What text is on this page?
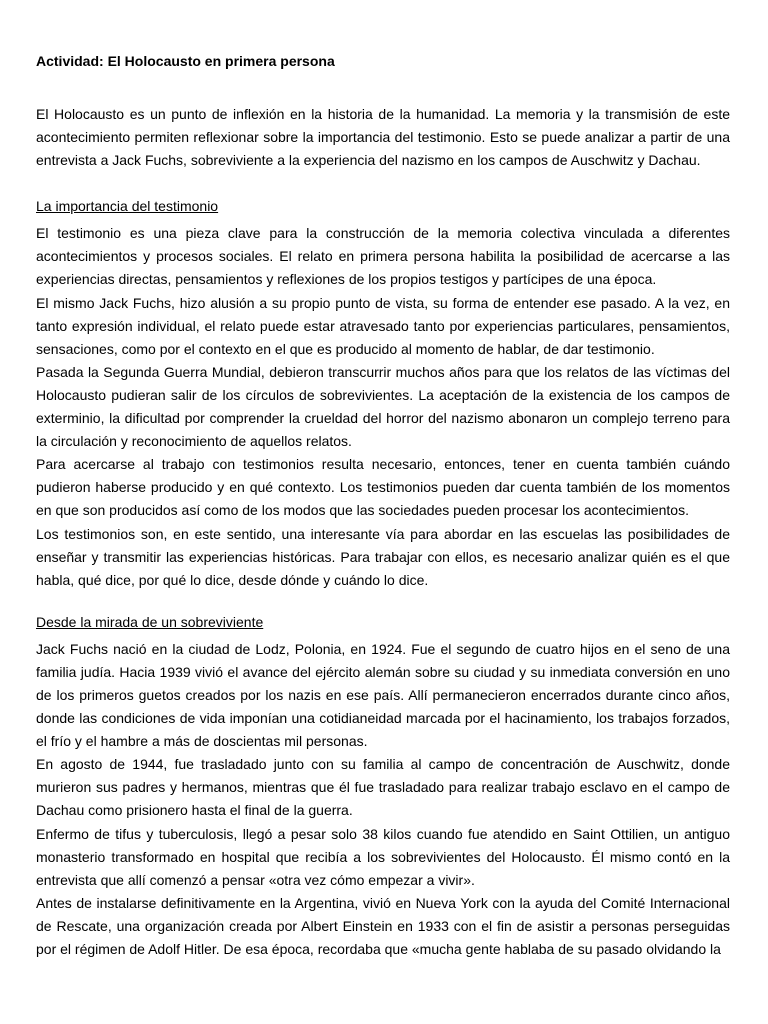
Actividad: El Holocausto en primera persona

El Holocausto es un punto de inflexión en la historia de la humanidad. La memoria y la transmisión de este acontecimiento permiten reflexionar sobre la importancia del testimonio. Esto se puede analizar a partir de una entrevista a Jack Fuchs, sobreviviente a la experiencia del nazismo en los campos de Auschwitz y Dachau.

La importancia del testimonio

El testimonio es una pieza clave para la construcción de la memoria colectiva vinculada a diferentes acontecimientos y procesos sociales. El relato en primera persona habilita la posibilidad de acercarse a las experiencias directas, pensamientos y reflexiones de los propios testigos y partícipes de una época.

El mismo Jack Fuchs, hizo alusión a su propio punto de vista, su forma de entender ese pasado. A la vez, en tanto expresión individual, el relato puede estar atravesado tanto por experiencias particulares, pensamientos, sensaciones, como por el contexto en el que es producido al momento de hablar, de dar testimonio.

Pasada la Segunda Guerra Mundial, debieron transcurrir muchos años para que los relatos de las víctimas del Holocausto pudieran salir de los círculos de sobrevivientes. La aceptación de la existencia de los campos de exterminio, la dificultad por comprender la crueldad del horror del nazismo abonaron un complejo terreno para la circulación y reconocimiento de aquellos relatos.

Para acercarse al trabajo con testimonios resulta necesario, entonces, tener en cuenta también cuándo pudieron haberse producido y en qué contexto. Los testimonios pueden dar cuenta también de los momentos en que son producidos así como de los modos que las sociedades pueden procesar los acontecimientos.

Los testimonios son, en este sentido, una interesante vía para abordar en las escuelas las posibilidades de enseñar y transmitir las experiencias históricas. Para trabajar con ellos, es necesario analizar quién es el que habla, qué dice, por qué lo dice, desde dónde y cuándo lo dice.

Desde la mirada de un sobreviviente

Jack Fuchs nació en la ciudad de Lodz, Polonia, en 1924. Fue el segundo de cuatro hijos en el seno de una familia judía. Hacia 1939 vivió el avance del ejército alemán sobre su ciudad y su inmediata conversión en uno de los primeros guetos creados por los nazis en ese país. Allí permanecieron encerrados durante cinco años, donde las condiciones de vida imponían una cotidianeidad marcada por el hacinamiento, los trabajos forzados, el frío y el hambre a más de doscientas mil personas.

En agosto de 1944, fue trasladado junto con su familia al campo de concentración de Auschwitz, donde murieron sus padres y hermanos, mientras que él fue trasladado para realizar trabajo esclavo en el campo de Dachau como prisionero hasta el final de la guerra.

Enfermo de tifus y tuberculosis, llegó a pesar solo 38 kilos cuando fue atendido en Saint Ottilien, un antiguo monasterio transformado en hospital que recibía a los sobrevivientes del Holocausto. Él mismo contó en la entrevista que allí comenzó a pensar «otra vez cómo empezar a vivir».

Antes de instalarse definitivamente en la Argentina, vivió en Nueva York con la ayuda del Comité Internacional de Rescate, una organización creada por Albert Einstein en 1933 con el fin de asistir a personas perseguidas por el régimen de Adolf Hitler. De esa época, recordaba que «mucha gente hablaba de su pasado olvidando la
